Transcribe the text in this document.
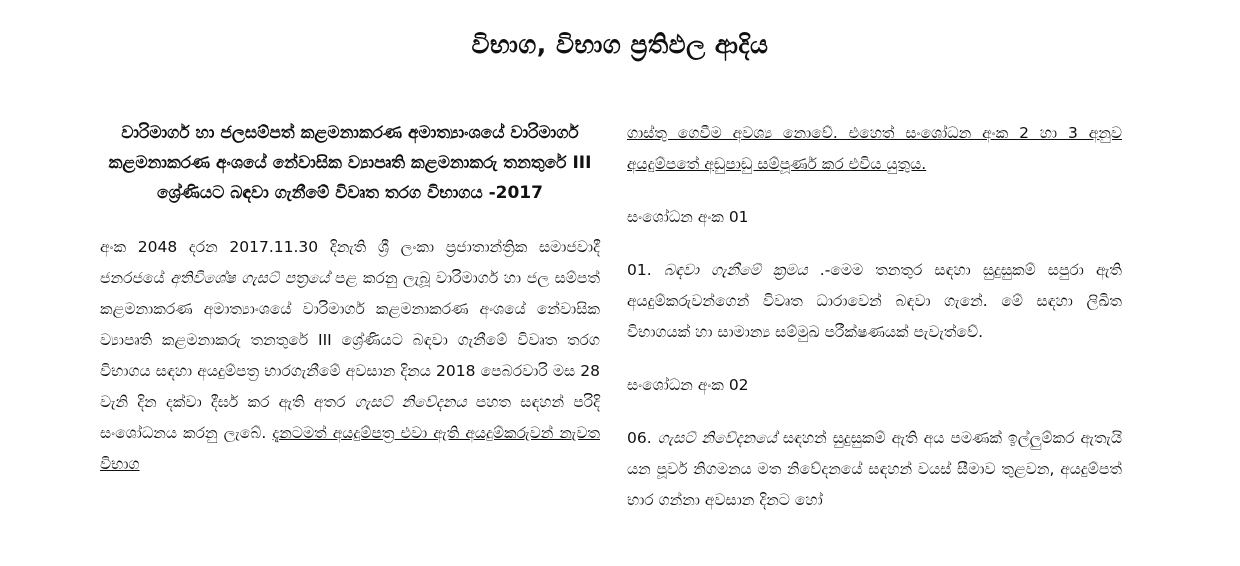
විභාග, විභාග ප්‍රතිඵල ආදිය
වාරිමාර්ග හා ජලසම්පත් කළමනාකරණ අමාත්‍යාංශයේ වාරිමාර්ග කළමනාකරණ අංශයේ නේවාසික ව්‍යාපෘති කළමනාකරු තනතුරේ III ශ්‍රේණියට බඳවා ගැනීමේ විවෘත තරග විභාගය -2017

අංක 2048 දරන 2017.11.30 දිනැති ශ්‍රී ලංකා ප්‍රජාතාන්ත්‍රික සමාජවාදී ජනරජයේ අතිවිශේෂ ගැසට් පත්‍රයේ පළ කරනු ලැබූ වාරිමාර්ග හා ජල සම්පත් කළමනාකරණ අමාත්‍යාංශයේ වාරිමාර්ග කළමනාකරණ අංශයේ නේවාසික ව්‍යාපෘති කළමනාකරු තනතුරේ III ශ්‍රේණියට බඳවා ගැනීමේ විවෘත තරග විභාගය සඳහා අයදුම්පත්‍ර භාරගැනීමේ අවසාන දිනය 2018 පෙබරවාරි මස 28 වැනි දින දක්වා දීර්ඝ කර ඇති අතර ගැසට් නිවේදනය පහත සඳහන් පරිදි සංශෝධනය කරනු ලැබේ. දැනටමත් අයදුම්පත්‍ර එවා ඇති අයදුම්කරුවන් නැවත විභාග

ගාස්තු ගෙවීම අවශ්‍ය නොවේ. එහෙත් සංශෝධන අංක 2 හා 3 අනුව අයදුම්පතේ අඩුපාඩු සම්පූර්ණ කර එවිය යුතුය.

සංශෝධන අංක 01

01. බඳවා ගැනීමේ ක්‍රමය .-මෙම තනතුර සඳහා සුදුසුකම් සපුරා ඇති අයදුම්කරුවන්ගෙන් විවෘත ධාරාවෙන් බඳවා ගැනේ. මේ සඳහා ලිඛිත විභාගයක් හා සාමාන්‍ය සම්මුඛ පරීක්ෂණයක් පැවැත්වේ.

සංශෝධන අංක 02

06. ගැසට් නිවේදනයේ සඳහන් සුදුසුකම් ඇති අය පමණක් ඉල්ලුම්කර ඇතැයි යන පූර්ව නිගමනය මත නිවේදනයේ සඳහන් වයස් සීමාව තුළවන, අයදුම්පත් භාර ගන්නා අවසාන දිනට හෝ
